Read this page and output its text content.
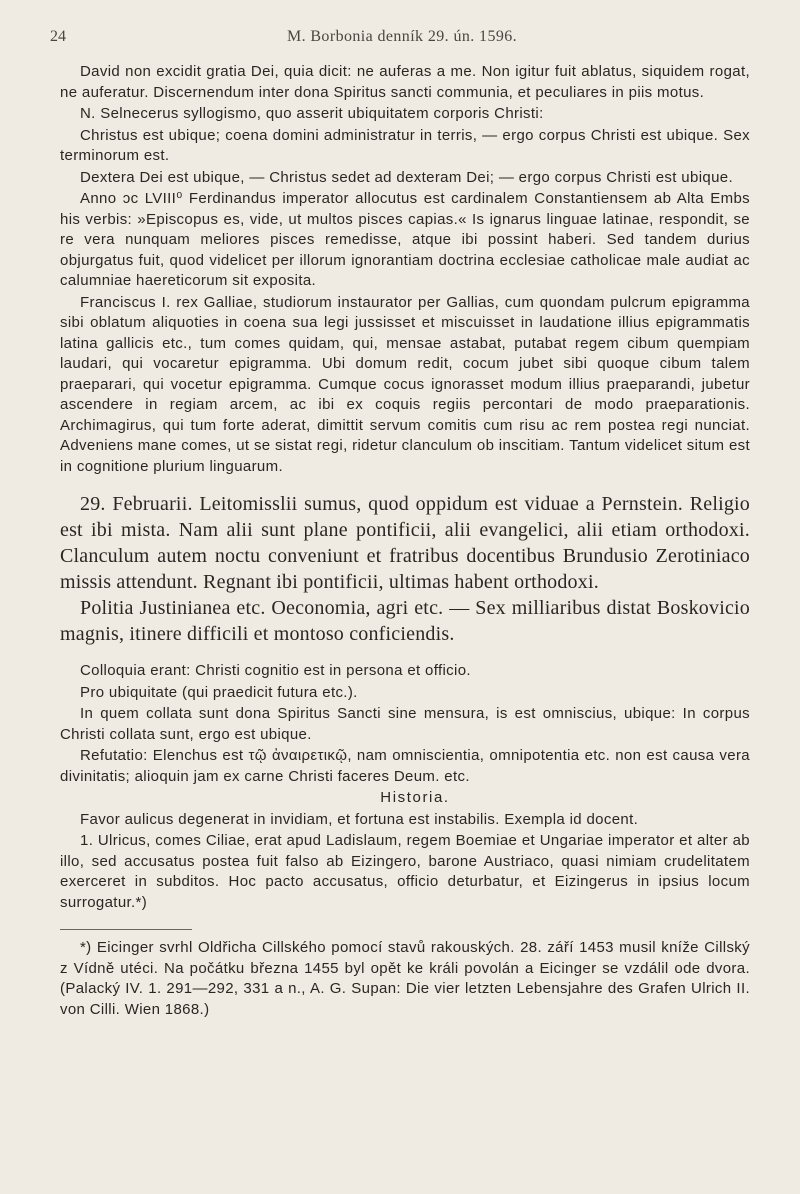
24	M. Borbonia denník 29. ún. 1596.

David non excidit gratia Dei, quia dicit: ne auferas a me. Non igitur fuit ablatus, siquidem rogat, ne auferatur. Discernendum inter dona Spiritus sancti communia, et peculiares in piis motus.

N. Selnecerus syllogismo, quo asserit ubiquitatem corporis Christi:

Christus est ubique; coena domini administratur in terris, — ergo corpus Christi est ubique. Sex terminorum est.

Dextera Dei est ubique, — Christus sedet ad dexteram Dei; — ergo corpus Christi est ubique.

Anno ɔc LVIII⁰ Ferdinandus imperator allocutus est cardinalem Constantiensem ab Alta Embs his verbis: »Episcopus es, vide, ut multos pisces capias.« Is ignarus linguae latinae, respondit, se re vera nunquam meliores pisces remedisse, atque ibi possint haberi. Sed tandem durius objurgatus fuit, quod videlicet per illorum ignorantiam doctrina ecclesiae catholicae male audiat ac calumniae haereticorum sit exposita.

Franciscus I. rex Galliae, studiorum instaurator per Gallias, cum quondam pulcrum epigramma sibi oblatum aliquoties in coena sua legi jussisset et miscuisset in laudatione illius epigrammatis latina gallicis etc., tum comes quidam, qui, mensae astabat, putabat regem cibum quempiam laudari, qui vocaretur epigramma. Ubi domum redit, cocum jubet sibi quoque cibum talem praeparari, qui vocetur epigramma. Cumque cocus ignorasset modum illius praeparandi, jubetur ascendere in regiam arcem, ac ibi ex coquis regiis percontari de modo praeparationis. Archimagirus, qui tum forte aderat, dimittit servum comitis cum risu ac rem postea regi nunciat. Adveniens mane comes, ut se sistat regi, ridetur clanculum ob inscitiam. Tantum videlicet situm est in cognitione plurium linguarum.

29. Februarii. Leitomisslii sumus, quod oppidum est viduae a Pernstein. Religio est ibi mista. Nam alii sunt plane pontificii, alii evangelici, alii etiam orthodoxi. Clanculum autem noctu conveniunt et fratribus docentibus Brundusio Zerotiniaco missis attendunt. Regnant ibi pontificii, ultimas habent orthodoxi.

Politia Justinianea etc. Oeconomia, agri etc. — Sex milliaribus distat Boskovicio magnis, itinere difficili et montoso conficiendis.

Colloquia erant: Christi cognitio est in persona et officio.

Pro ubiquitate (qui praedicit futura etc.).

In quem collata sunt dona Spiritus Sancti sine mensura, is est omniscius, ubique: In corpus Christi collata sunt, ergo est ubique.

Refutatio: Elenchus est τῷ ἀναιρετικῷ, nam omniscientia, omnipotentia etc. non est causa vera divinitatis; alioquin jam ex carne Christi faceres Deum. etc.

Historia.

Favor aulicus degenerat in invidiam, et fortuna est instabilis. Exempla id docent.

1. Ulricus, comes Ciliae, erat apud Ladislaum, regem Boemiae et Ungariae imperator et alter ab illo, sed accusatus postea fuit falso ab Eizingero, barone Austriaco, quasi nimiam crudelitatem exerceret in subditos. Hoc pacto accusatus, officio deturbatur, et Eizingerus in ipsius locum surrogatur.*)

*) Eicinger svrhl Oldřicha Cillského pomocí stavů rakouských. 28. září 1453 musil kníže Cillský z Vídně utéci. Na počátku března 1455 byl opět ke králi povolán a Eicinger se vzdálil ode dvora. (Palacký IV. 1. 291—292, 331 a n., A. G. Supan: Die vier letzten Lebensjahre des Grafen Ulrich II. von Cilli. Wien 1868.)
